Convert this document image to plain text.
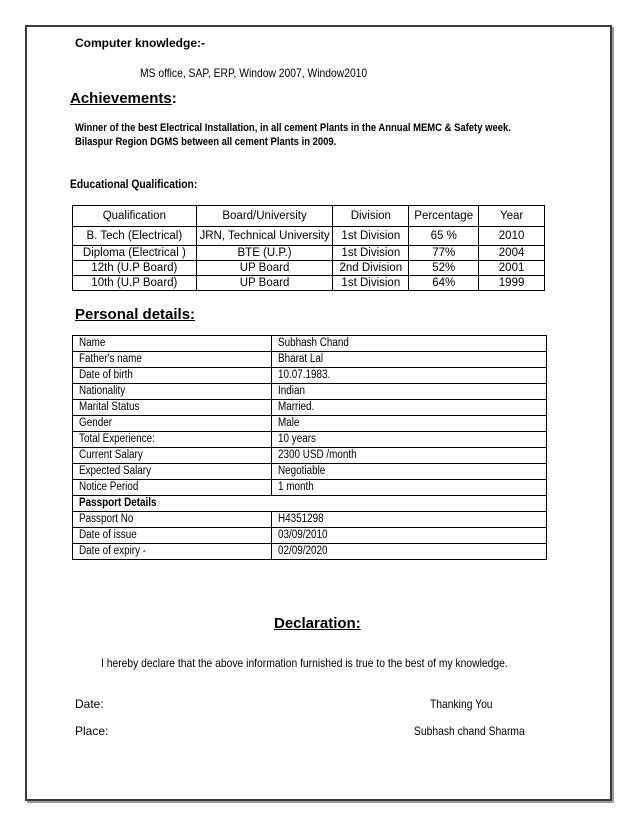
Computer knowledge:-
MS office, SAP, ERP, Window 2007, Window2010
Achievements:
Winner of the best Electrical Installation, in all cement Plants in the Annual MEMC & Safety week.
Bilaspur Region DGMS between all cement Plants in 2009.
Educational Qualification:
Qualification	Board/University	Division	Percentage	Year
B. Tech (Electrical)	JRN, Technical University	1st Division	65 %	2010
Diploma (Electrical )	BTE (U.P.)	1st Division	77%	2004
12th (U.P Board)	UP Board	2nd Division	52%	2001
10th (U.P Board)	UP Board	1st Division	64%	1999
Personal details:
Name	Subhash Chand
Father's name	Bharat Lal
Date of birth	10.07.1983.
Nationality	Indian
Marital Status	Married.
Gender	Male
Total Experience:	10 years
Current Salary	2300 USD /month
Expected Salary	Negotiable
Notice Period	1 month
Passport Details	
Passport No	H4351298
Date of issue	03/09/2010
Date of expiry -	02/09/2020
Declaration:
I hereby declare that the above information furnished is true to the best of my knowledge.
Date:
Place:
Thanking You
Subhash chand Sharma
